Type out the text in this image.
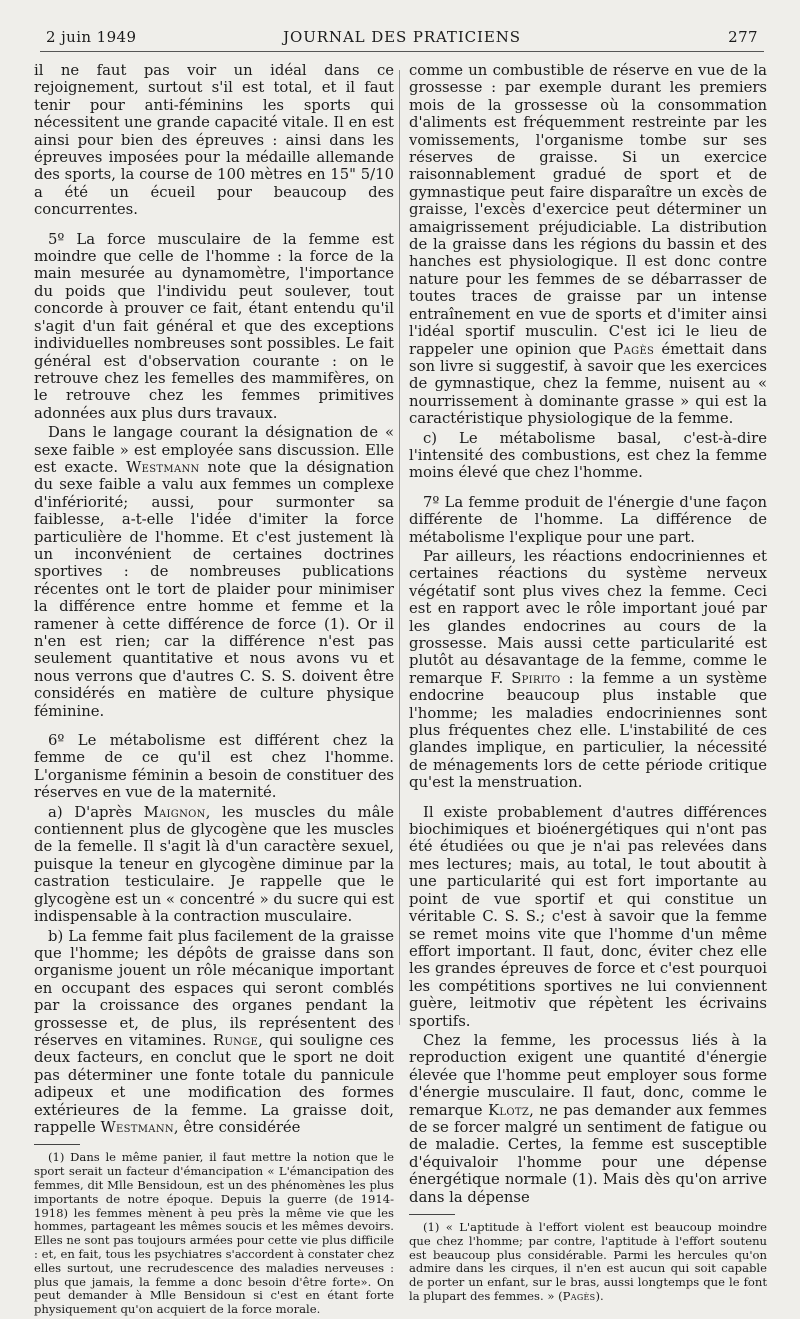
2 juin 1949	JOURNAL DES PRATICIENS	277

il ne faut pas voir un idéal dans ce rejoignement, surtout s'il est total, et il faut tenir pour anti-féminins les sports qui nécessitent une grande capacité vitale. Il en est ainsi pour bien des épreuves : ainsi dans les épreuves imposées pour la médaille allemande des sports, la course de 100 mètres en 15" 5/10 a été un écueil pour beaucoup des concurrentes.

5º La force musculaire de la femme est moindre que celle de l'homme : la force de la main mesurée au dynamomètre, l'importance du poids que l'individu peut soulever, tout concorde à prouver ce fait, étant entendu qu'il s'agit d'un fait général et que des exceptions individuelles nombreuses sont possibles. Le fait général est d'observation courante : on le retrouve chez les femelles des mammifères, on le retrouve chez les femmes primitives adonnées aux plus durs travaux.

Dans le langage courant la désignation de « sexe faible » est employée sans discussion. Elle est exacte. Westmann note que la désignation du sexe faible a valu aux femmes un complexe d'infériorité; aussi, pour surmonter sa faiblesse, a-t-elle l'idée d'imiter la force particulière de l'homme. Et c'est justement là un inconvénient de certaines doctrines sportives : de nombreuses publications récentes ont le tort de plaider pour minimiser la différence entre homme et femme et la ramener à cette différence de force (1). Or il n'en est rien; car la différence n'est pas seulement quantitative et nous avons vu et nous verrons que d'autres C. S. S. doivent être considérés en matière de culture physique féminine.

6º Le métabolisme est différent chez la femme de ce qu'il est chez l'homme. L'organisme féminin a besoin de constituer des réserves en vue de la maternité.

a) D'après Maignon, les muscles du mâle contiennent plus de glycogène que les muscles de la femelle. Il s'agit là d'un caractère sexuel, puisque la teneur en glycogène diminue par la castration testiculaire. Je rappelle que le glycogène est un « concentré » du sucre qui est indispensable à la contraction musculaire.

b) La femme fait plus facilement de la graisse que l'homme; les dépôts de graisse dans son organisme jouent un rôle mécanique important en occupant des espaces qui seront comblés par la croissance des organes pendant la grossesse et, de plus, ils représentent des réserves en vitamines. Runge, qui souligne ces deux facteurs, en conclut que le sport ne doit pas déterminer une fonte totale du pannicule adipeux et une modification des formes extérieures de la femme. La graisse doit, rappelle Westmann, être considérée

(1) Dans le même panier, il faut mettre la notion que le sport serait un facteur d'émancipation « L'émancipation des femmes, dit Mlle Bensidoun, est un des phénomènes les plus importants de notre époque. Depuis la guerre (de 1914-1918) les femmes mènent à peu près la même vie que les hommes, partageant les mêmes soucis et les mêmes devoirs. Elles ne sont pas toujours armées pour cette vie plus difficile : et, en fait, tous les psychiatres s'accordent à constater chez elles surtout, une recrudescence des maladies nerveuses : plus que jamais, la femme a donc besoin d'être forte». On peut demander à Mlle Bensidoun si c'est en étant forte physiquement qu'on acquiert de la force morale.

comme un combustible de réserve en vue de la grossesse : par exemple durant les premiers mois de la grossesse où la consommation d'aliments est fréquemment restreinte par les vomissements, l'organisme tombe sur ses réserves de graisse. Si un exercice raisonnablement gradué de sport et de gymnastique peut faire disparaître un excès de graisse, l'excès d'exercice peut déterminer un amaigrissement préjudiciable. La distribution de la graisse dans les régions du bassin et des hanches est physiologique. Il est donc contre nature pour les femmes de se débarrasser de toutes traces de graisse par un intense entraînement en vue de sports et d'imiter ainsi l'idéal sportif musculin. C'est ici le lieu de rappeler une opinion que Pagès émettait dans son livre si suggestif, à savoir que les exercices de gymnastique, chez la femme, nuisent au « nourrissement à dominante grasse » qui est la caractéristique physiologique de la femme.

c) Le métabolisme basal, c'est-à-dire l'intensité des combustions, est chez la femme moins élevé que chez l'homme.

7º La femme produit de l'énergie d'une façon différente de l'homme. La différence de métabolisme l'explique pour une part.

Par ailleurs, les réactions endocriniennes et certaines réactions du système nerveux végétatif sont plus vives chez la femme. Ceci est en rapport avec le rôle important joué par les glandes endocrines au cours de la grossesse. Mais aussi cette particularité est plutôt au désavantage de la femme, comme le remarque F. Spirito : la femme a un système endocrine beaucoup plus instable que l'homme; les maladies endocriniennes sont plus fréquentes chez elle. L'instabilité de ces glandes implique, en particulier, la nécessité de ménagements lors de cette période critique qu'est la menstruation.

Il existe probablement d'autres différences biochimiques et bioénergétiques qui n'ont pas été étudiées ou que je n'ai pas relevées dans mes lectures; mais, au total, le tout aboutit à une particularité qui est fort importante au point de vue sportif et qui constitue un véritable C. S. S.; c'est à savoir que la femme se remet moins vite que l'homme d'un même effort important. Il faut, donc, éviter chez elle les grandes épreuves de force et c'est pourquoi les compétitions sportives ne lui conviennent guère, leitmotiv que répètent les écrivains sportifs.

Chez la femme, les processus liés à la reproduction exigent une quantité d'énergie élevée que l'homme peut employer sous forme d'énergie musculaire. Il faut, donc, comme le remarque Klotz, ne pas demander aux femmes de se forcer malgré un sentiment de fatigue ou de maladie. Certes, la femme est susceptible d'équivaloir l'homme pour une dépense énergétique normale (1). Mais dès qu'on arrive dans la dépense

(1) « L'aptitude à l'effort violent est beaucoup moindre que chez l'homme; par contre, l'aptitude à l'effort soutenu est beaucoup plus considérable. Parmi les hercules qu'on admire dans les cirques, il n'en est aucun qui soit capable de porter un enfant, sur le bras, aussi longtemps que le font la plupart des femmes. » (Pagès).
